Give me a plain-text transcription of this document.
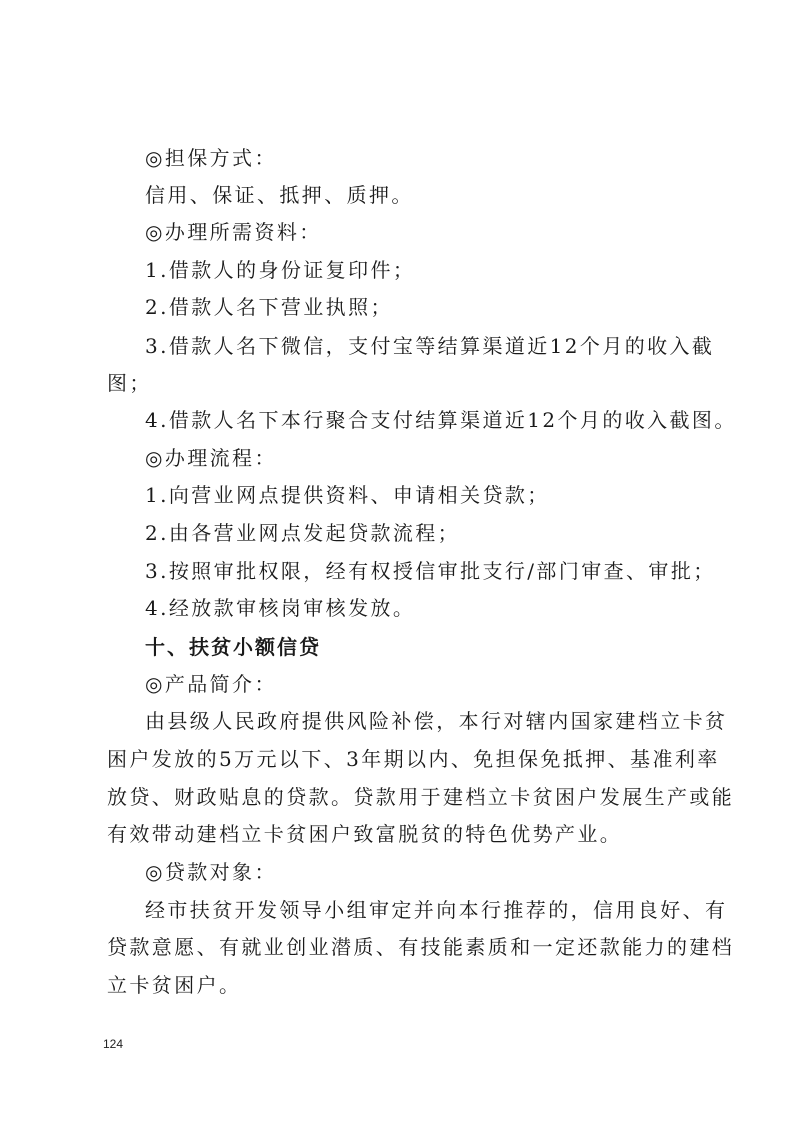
◎担保方式：
信用、保证、抵押、质押。
◎办理所需资料：
1.借款人的身份证复印件；
2.借款人名下营业执照；
3.借款人名下微信，支付宝等结算渠道近12个月的收入截
图；
4.借款人名下本行聚合支付结算渠道近12个月的收入截图。
◎办理流程：
1.向营业网点提供资料、申请相关贷款；
2.由各营业网点发起贷款流程；
3.按照审批权限，经有权授信审批支行/部门审查、审批；
4.经放款审核岗审核发放。
十、扶贫小额信贷
◎产品简介：
由县级人民政府提供风险补偿，本行对辖内国家建档立卡贫
困户发放的5万元以下、3年期以内、免担保免抵押、基准利率
放贷、财政贴息的贷款。贷款用于建档立卡贫困户发展生产或能
有效带动建档立卡贫困户致富脱贫的特色优势产业。
◎贷款对象：
经市扶贫开发领导小组审定并向本行推荐的，信用良好、有
贷款意愿、有就业创业潜质、有技能素质和一定还款能力的建档
立卡贫困户。
124
